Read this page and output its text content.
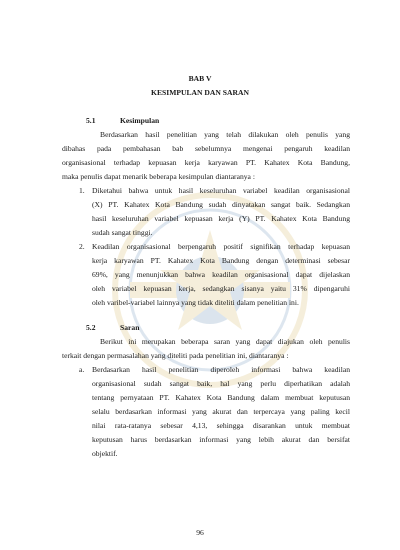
BAB V
KESIMPULAN DAN SARAN
5.1	Kesimpulan
Berdasarkan hasil penelitian yang telah dilakukan oleh penulis yang
dibahas pada pembahasan bab sebelumnya mengenai pengaruh keadilan
organisasional terhadap kepuasan kerja karyawan PT. Kahatex Kota Bandung,
maka penulis dapat menarik beberapa kesimpulan diantaranya :
1. Diketahui bahwa untuk hasil keseluruhan variabel keadilan organisasional
(X) PT. Kahatex Kota Bandung sudah dinyatakan sangat baik. Sedangkan
hasil keseluruhan variabel kepuasan kerja (Y) PT. Kahatex Kota Bandung
sudah sangat tinggi.
2. Keadilan organisasional berpengaruh positif signifikan terhadap kepuasan
kerja karyawan PT. Kahatex Kota Bandung dengan determinasi sebesar
69%, yang menunjukkan bahwa keadilan organisasional dapat dijelaskan
oleh variabel kepuasan kerja, sedangkan sisanya yaitu 31% dipengaruhi
oleh varibel-variabel lainnya yang tidak diteliti dalam penelitian ini.
5.2	Saran
Berikut ini merupakan beberapa saran yang dapat diajukan oleh penulis
terkait dengan permasalahan yang diteliti pada penelitian ini, diantaranya :
a. Berdasarkan hasil penelitian diperoleh informasi bahwa keadilan
organisasional sudah sangat baik, hal yang perlu diperhatikan adalah
tentang pernyataan PT. Kahatex Kota Bandung dalam membuat keputusan
selalu berdasarkan informasi yang akurat dan terpercaya yang paling kecil
nilai rata-ratanya sebesar 4,13, sehingga disarankan untuk membuat
keputusan harus berdasarkan informasi yang lebih akurat dan bersifat
objektif.
96
